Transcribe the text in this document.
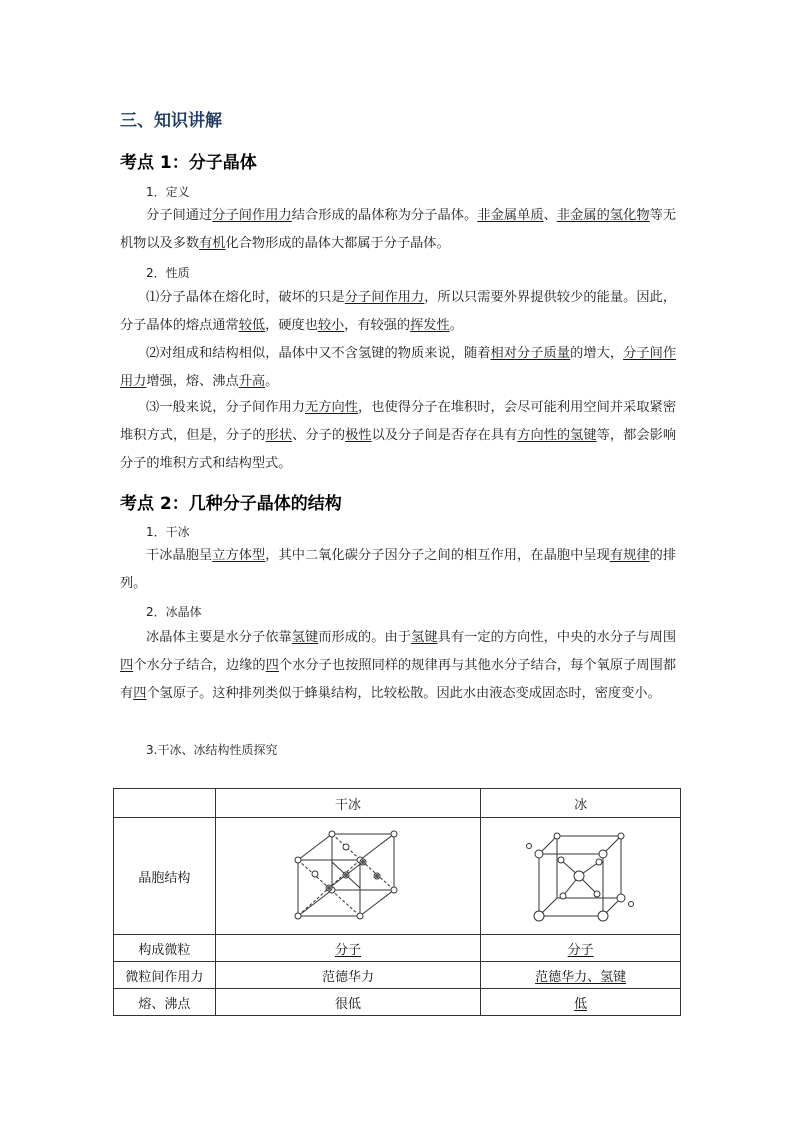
三、知识讲解
考点 1：分子晶体
1．定义
分子间通过分子间作用力结合形成的晶体称为分子晶体。非金属单质、非金属的氢化物等无机物以及多数有机化合物形成的晶体大都属于分子晶体。
2．性质
⑴分子晶体在熔化时，破坏的只是分子间作用力，所以只需要外界提供较少的能量。因此，分子晶体的熔点通常较低，硬度也较小，有较强的挥发性。
⑵对组成和结构相似，晶体中又不含氢键的物质来说，随着相对分子质量的增大，分子间作用力增强，熔、沸点升高。
⑶一般来说，分子间作用力无方向性，也使得分子在堆积时，会尽可能利用空间并采取紧密堆积方式，但是，分子的形状、分子的极性以及分子间是否存在具有方向性的氢键等，都会影响分子的堆积方式和结构型式。
考点 2：几种分子晶体的结构
1．干冰
干冰晶胞呈立方体型，其中二氧化碳分子因分子之间的相互作用，在晶胞中呈现有规律的排列。
2．冰晶体
冰晶体主要是水分子依靠氢键而形成的。由于氢键具有一定的方向性，中央的水分子与周围四个水分子结合，边缘的四个水分子也按照同样的规律再与其他水分子结合，每个氧原子周围都有四个氢原子。这种排列类似于蜂巢结构，比较松散。因此水由液态变成固态时，密度变小。
3.干冰、冰结构性质探究
	干冰	冰
晶胞结构	

构成微粒	分子	分子
微粒间作用力	范德华力	范德华力、氢键
熔、沸点	很低	低
